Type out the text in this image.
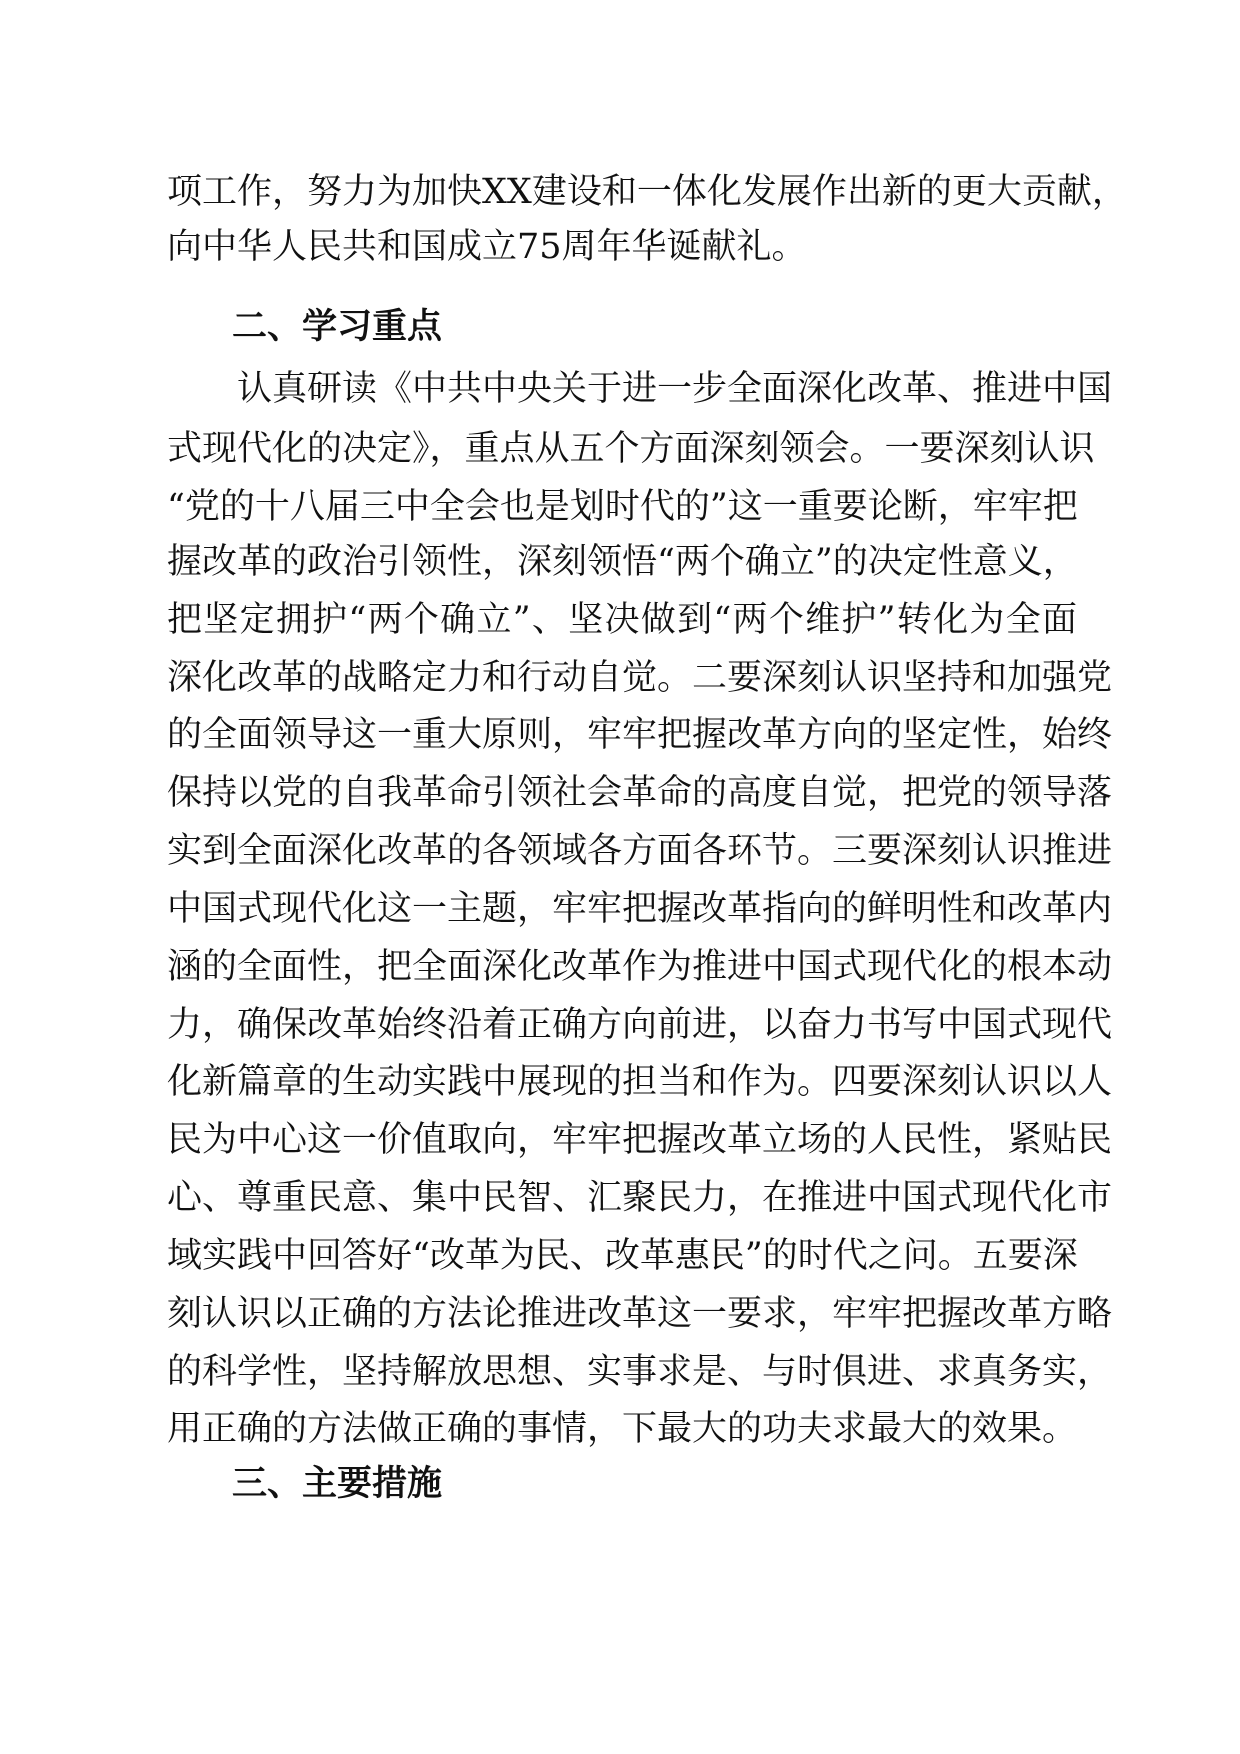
项工作，努力为加快XX建设和一体化发展作出新的更大贡献，
向中华人民共和国成立75周年华诞献礼。
二、学习重点
认真研读《中共中央关于进一步全面深化改革、推进中国
式现代化的决定》，重点从五个方面深刻领会。一要深刻认识
“党的十八届三中全会也是划时代的”这一重要论断，牢牢把
握改革的政治引领性，深刻领悟“两个确立”的决定性意义，
把坚定拥护“两个确立”、坚决做到“两个维护”转化为全面
深化改革的战略定力和行动自觉。二要深刻认识坚持和加强党
的全面领导这一重大原则，牢牢把握改革方向的坚定性，始终
保持以党的自我革命引领社会革命的高度自觉，把党的领导落
实到全面深化改革的各领域各方面各环节。三要深刻认识推进
中国式现代化这一主题，牢牢把握改革指向的鲜明性和改革内
涵的全面性，把全面深化改革作为推进中国式现代化的根本动
力，确保改革始终沿着正确方向前进，以奋力书写中国式现代
化新篇章的生动实践中展现的担当和作为。四要深刻认识以人
民为中心这一价值取向，牢牢把握改革立场的人民性，紧贴民
心、尊重民意、集中民智、汇聚民力，在推进中国式现代化市
域实践中回答好“改革为民、改革惠民”的时代之问。五要深
刻认识以正确的方法论推进改革这一要求，牢牢把握改革方略
的科学性，坚持解放思想、实事求是、与时俱进、求真务实，
用正确的方法做正确的事情，下最大的功夫求最大的效果。
三、主要措施
